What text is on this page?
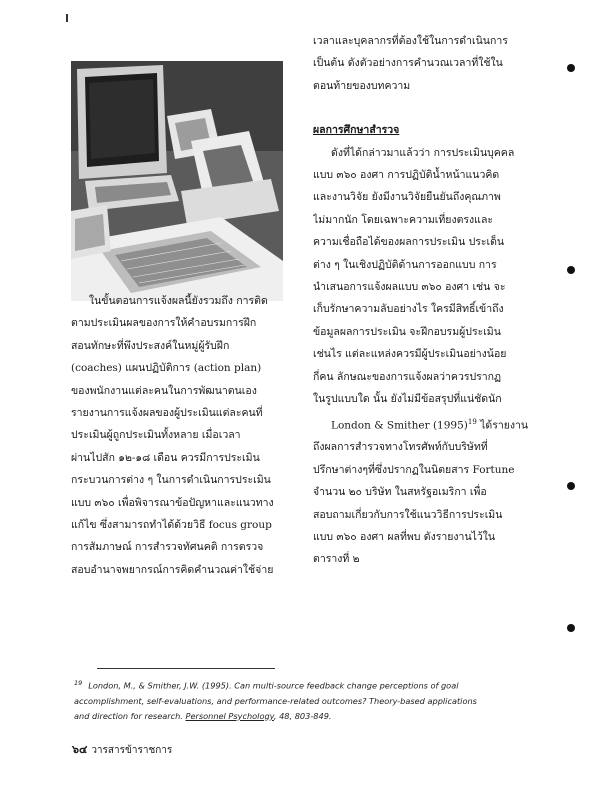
ในขั้นตอนการแจ้งผลนี้ยังรวมถึง การติด
ตามประเมินผลของการให้คำอบรมการฝึก
สอนทักษะที่พึงประสงค์ในหมู่ผู้รับฝึก
(coaches) แผนปฏิบัติการ (action plan)
ของพนักงานแต่ละคนในการพัฒนาตนเอง
รายงานการแจ้งผลของผู้ประเมินแต่ละคนที่
ประเมินผู้ถูกประเมินทั้งหลาย เมื่อเวลา
ผ่านไปสัก ๑๒-๑๘ เดือน ควรมีการประเมิน
กระบวนการต่าง ๆ ในการดำเนินการประเมิน
แบบ ๓๖๐ เพื่อพิจารณาข้อปัญหาและแนวทาง
แก้ไข ซึ่งสามารถทำได้ด้วยวิธี focus group
การสัมภาษณ์ การสำรวจทัศนคติ การตรวจ
สอบอำนาจพยากรณ์การคิดคำนวณค่าใช้จ่าย
เวลาและบุคลากรที่ต้องใช้ในการดำเนินการ
เป็นต้น ดังตัวอย่างการคำนวณเวลาที่ใช้ใน
ตอนท้ายของบทความ
ผลการศึกษาสำรวจ
ดังที่ได้กล่าวมาแล้วว่า การประเมินบุคคล
แบบ ๓๖๐ องศา การปฏิบัติน้ำหน้าแนวคิด
และงานวิจัย ยังมีงานวิจัยยืนยันถึงคุณภาพ
ไม่มากนัก โดยเฉพาะความเที่ยงตรงและ
ความเชื่อถือได้ของผลการประเมิน ประเด็น
ต่าง ๆ ในเชิงปฏิบัติด้านการออกแบบ การ
นำเสนอการแจ้งผลแบบ ๓๖๐ องศา เช่น จะ
เก็บรักษาความลับอย่างไร ใครมีสิทธิ์เข้าถึง
ข้อมูลผลการประเมิน จะฝึกอบรมผู้ประเมิน
เช่นไร แต่ละแหล่งควรมีผู้ประเมินอย่างน้อย
กี่คน ลักษณะของการแจ้งผลว่าควรปรากฏ
ในรูปแบบใด นั้น ยังไม่มีข้อสรุปที่แน่ชัดนัก
London & Smither $(1995)^{19}$ ได้รายงาน
ถึงผลการสำรวจทางโทรศัพท์กับบริษัทที่
ปรึกษาต่างๆที่ซึ่งปรากฏในนิตยสาร Fortune
จำนวน ๒๐ บริษัท ในสหรัฐอเมริกา เพื่อ
สอบถามเกี่ยวกับการใช้แนววิธีการประเมิน
แบบ ๓๖๐ องศา ผลที่พบ ดังรายงานไว้ใน
ตารางที่ ๒
$^{19}$ London, M., & Smither, J.W. (1995). Can multi-source feedback change perceptions of goal
accomplishment, self-evaluations, and performance-related outcomes? Theory-based applications
and direction for research. Personnel Psychology, 48, 803-849.
๖๔ วารสารข้าราชการ
